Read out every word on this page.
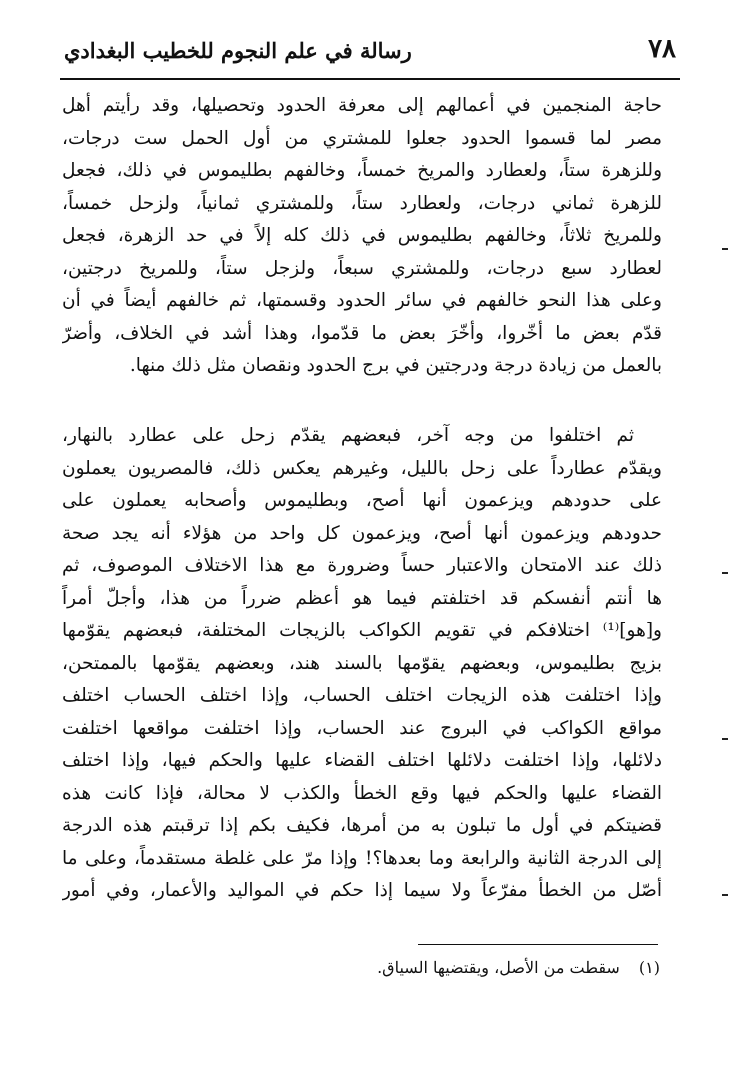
٧٨
رسالة في علم النجوم للخطيب البغدادي
حاجة المنجمين في أعمالهم إلى معرفة الحدود وتحصيلها، وقد رأيتم أهل
مصر لما قسموا الحدود جعلوا للمشتري من أول الحمل ست درجات،
وللزهرة ستاً، ولعطارد والمريخ خمساً، وخالفهم بطليموس في ذلك، فجعل
للزهرة ثماني درجات، ولعطارد ستاً، وللمشتري ثمانياً، ولزحل خمساً،
وللمريخ ثلاثاً، وخالفهم بطليموس في ذلك كله إلاً في حد الزهرة، فجعل
لعطارد سبع درجات، وللمشتري سبعاً، ولزجل ستاً، وللمريخ درجتين،
وعلى هذا النحو خالفهم في سائر الحدود وقسمتها، ثم خالفهم أيضاً في أن
قدّم بعض ما أخّروا، وأخّرَ بعض ما قدّموا، وهذا أشد في الخلاف، وأضرّ
بالعمل من زيادة درجة ودرجتين في برج الحدود ونقصان مثل ذلك منها.
ثم اختلفوا من وجه آخر، فبعضهم يقدّم زحل على عطارد بالنهار،
ويقدّم عطارداً على زحل بالليل، وغيرهم يعكس ذلك، فالمصريون يعملون
على حدودهم ويزعمون أنها أصح، وبطليموس وأصحابه يعملون على
حدودهم ويزعمون أنها أصح، ويزعمون كل واحد من هؤلاء أنه يجد صحة
ذلك عند الامتحان والاعتبار حساً وضرورة مع هذا الاختلاف الموصوف، ثم
ها أنتم أنفسكم قد اختلفتم فيما هو أعظم ضرراً من هذا، وأجلّ أمراً
و[هو]⁽¹⁾ اختلافكم في تقويم الكواكب بالزيجات المختلفة، فبعضهم يقوّمها
بزيج بطليموس، وبعضهم يقوّمها بالسند هند، وبعضهم يقوّمها بالممتحن،
وإذا اختلفت هذه الزيجات اختلف الحساب، وإذا اختلف الحساب اختلف
مواقع الكواكب في البروج عند الحساب، وإذا اختلفت مواقعها اختلفت
دلائلها، وإذا اختلفت دلائلها اختلف القضاء عليها والحكم فيها، وإذا اختلف
القضاء عليها والحكم فيها وقع الخطأ والكذب لا محالة، فإذا كانت هذه
قضيتكم في أول ما تبلون به من أمرها، فكيف بكم إذا ترقبتم هذه الدرجة
إلى الدرجة الثانية والرابعة وما بعدها؟! وإذا مرّ على غلطة مستقدماً، وعلى ما
أصّل من الخطأ مفرّعاً ولا سيما إذا حكم في المواليد والأعمار، وفي أمور
(١) سقطت من الأصل، ويقتضيها السياق.
